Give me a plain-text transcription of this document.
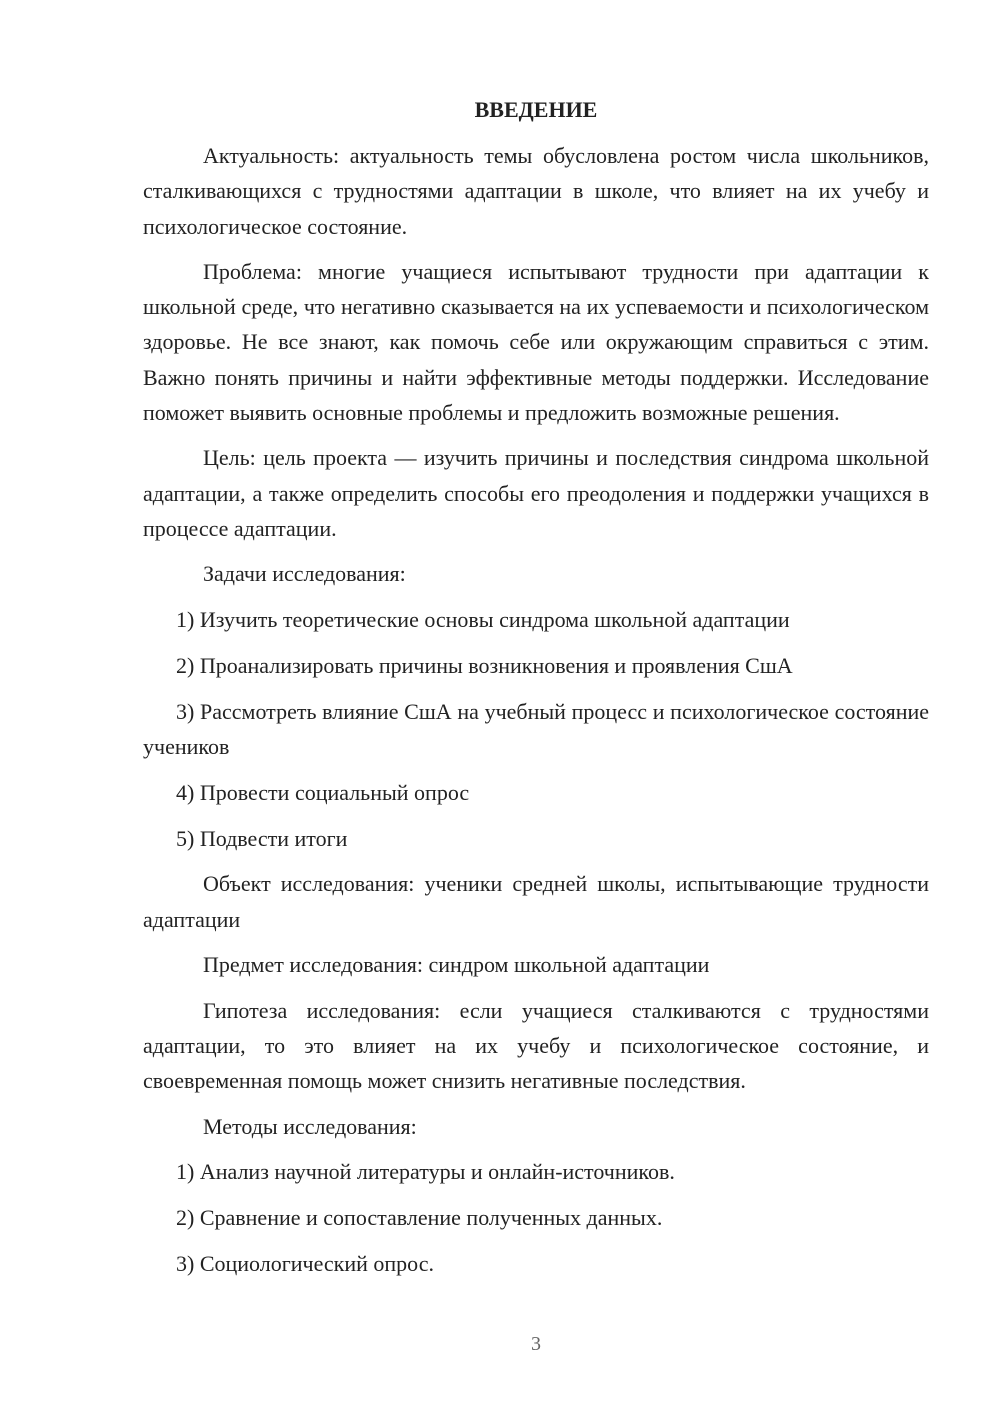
ВВЕДЕНИЕ

Актуальность: актуальность темы обусловлена ростом числа школьников, сталкивающихся с трудностями адаптации в школе, что влияет на их учебу и психологическое состояние.

Проблема: многие учащиеся испытывают трудности при адаптации к школьной среде, что негативно сказывается на их успеваемости и психологическом здоровье. Не все знают, как помочь себе или окружающим справиться с этим. Важно понять причины и найти эффективные методы поддержки. Исследование поможет выявить основные проблемы и предложить возможные решения.

Цель: цель проекта — изучить причины и последствия синдрома школьной адаптации, а также определить способы его преодоления и поддержки учащихся в процессе адаптации.

Задачи исследования:

1) Изучить теоретические основы синдрома школьной адаптации

2) Проанализировать причины возникновения и проявления СшА

3) Рассмотреть влияние СшА на учебный процесс и психологическое состояние учеников

4) Провести социальный опрос

5) Подвести итоги

Объект исследования: ученики средней школы, испытывающие трудности адаптации

Предмет исследования: синдром школьной адаптации

Гипотеза исследования: если учащиеся сталкиваются с трудностями адаптации, то это влияет на их учебу и психологическое состояние, и своевременная помощь может снизить негативные последствия.

Методы исследования:

1) Анализ научной литературы и онлайн-источников.

2) Сравнение и сопоставление полученных данных.

3) Социологический опрос.

3
